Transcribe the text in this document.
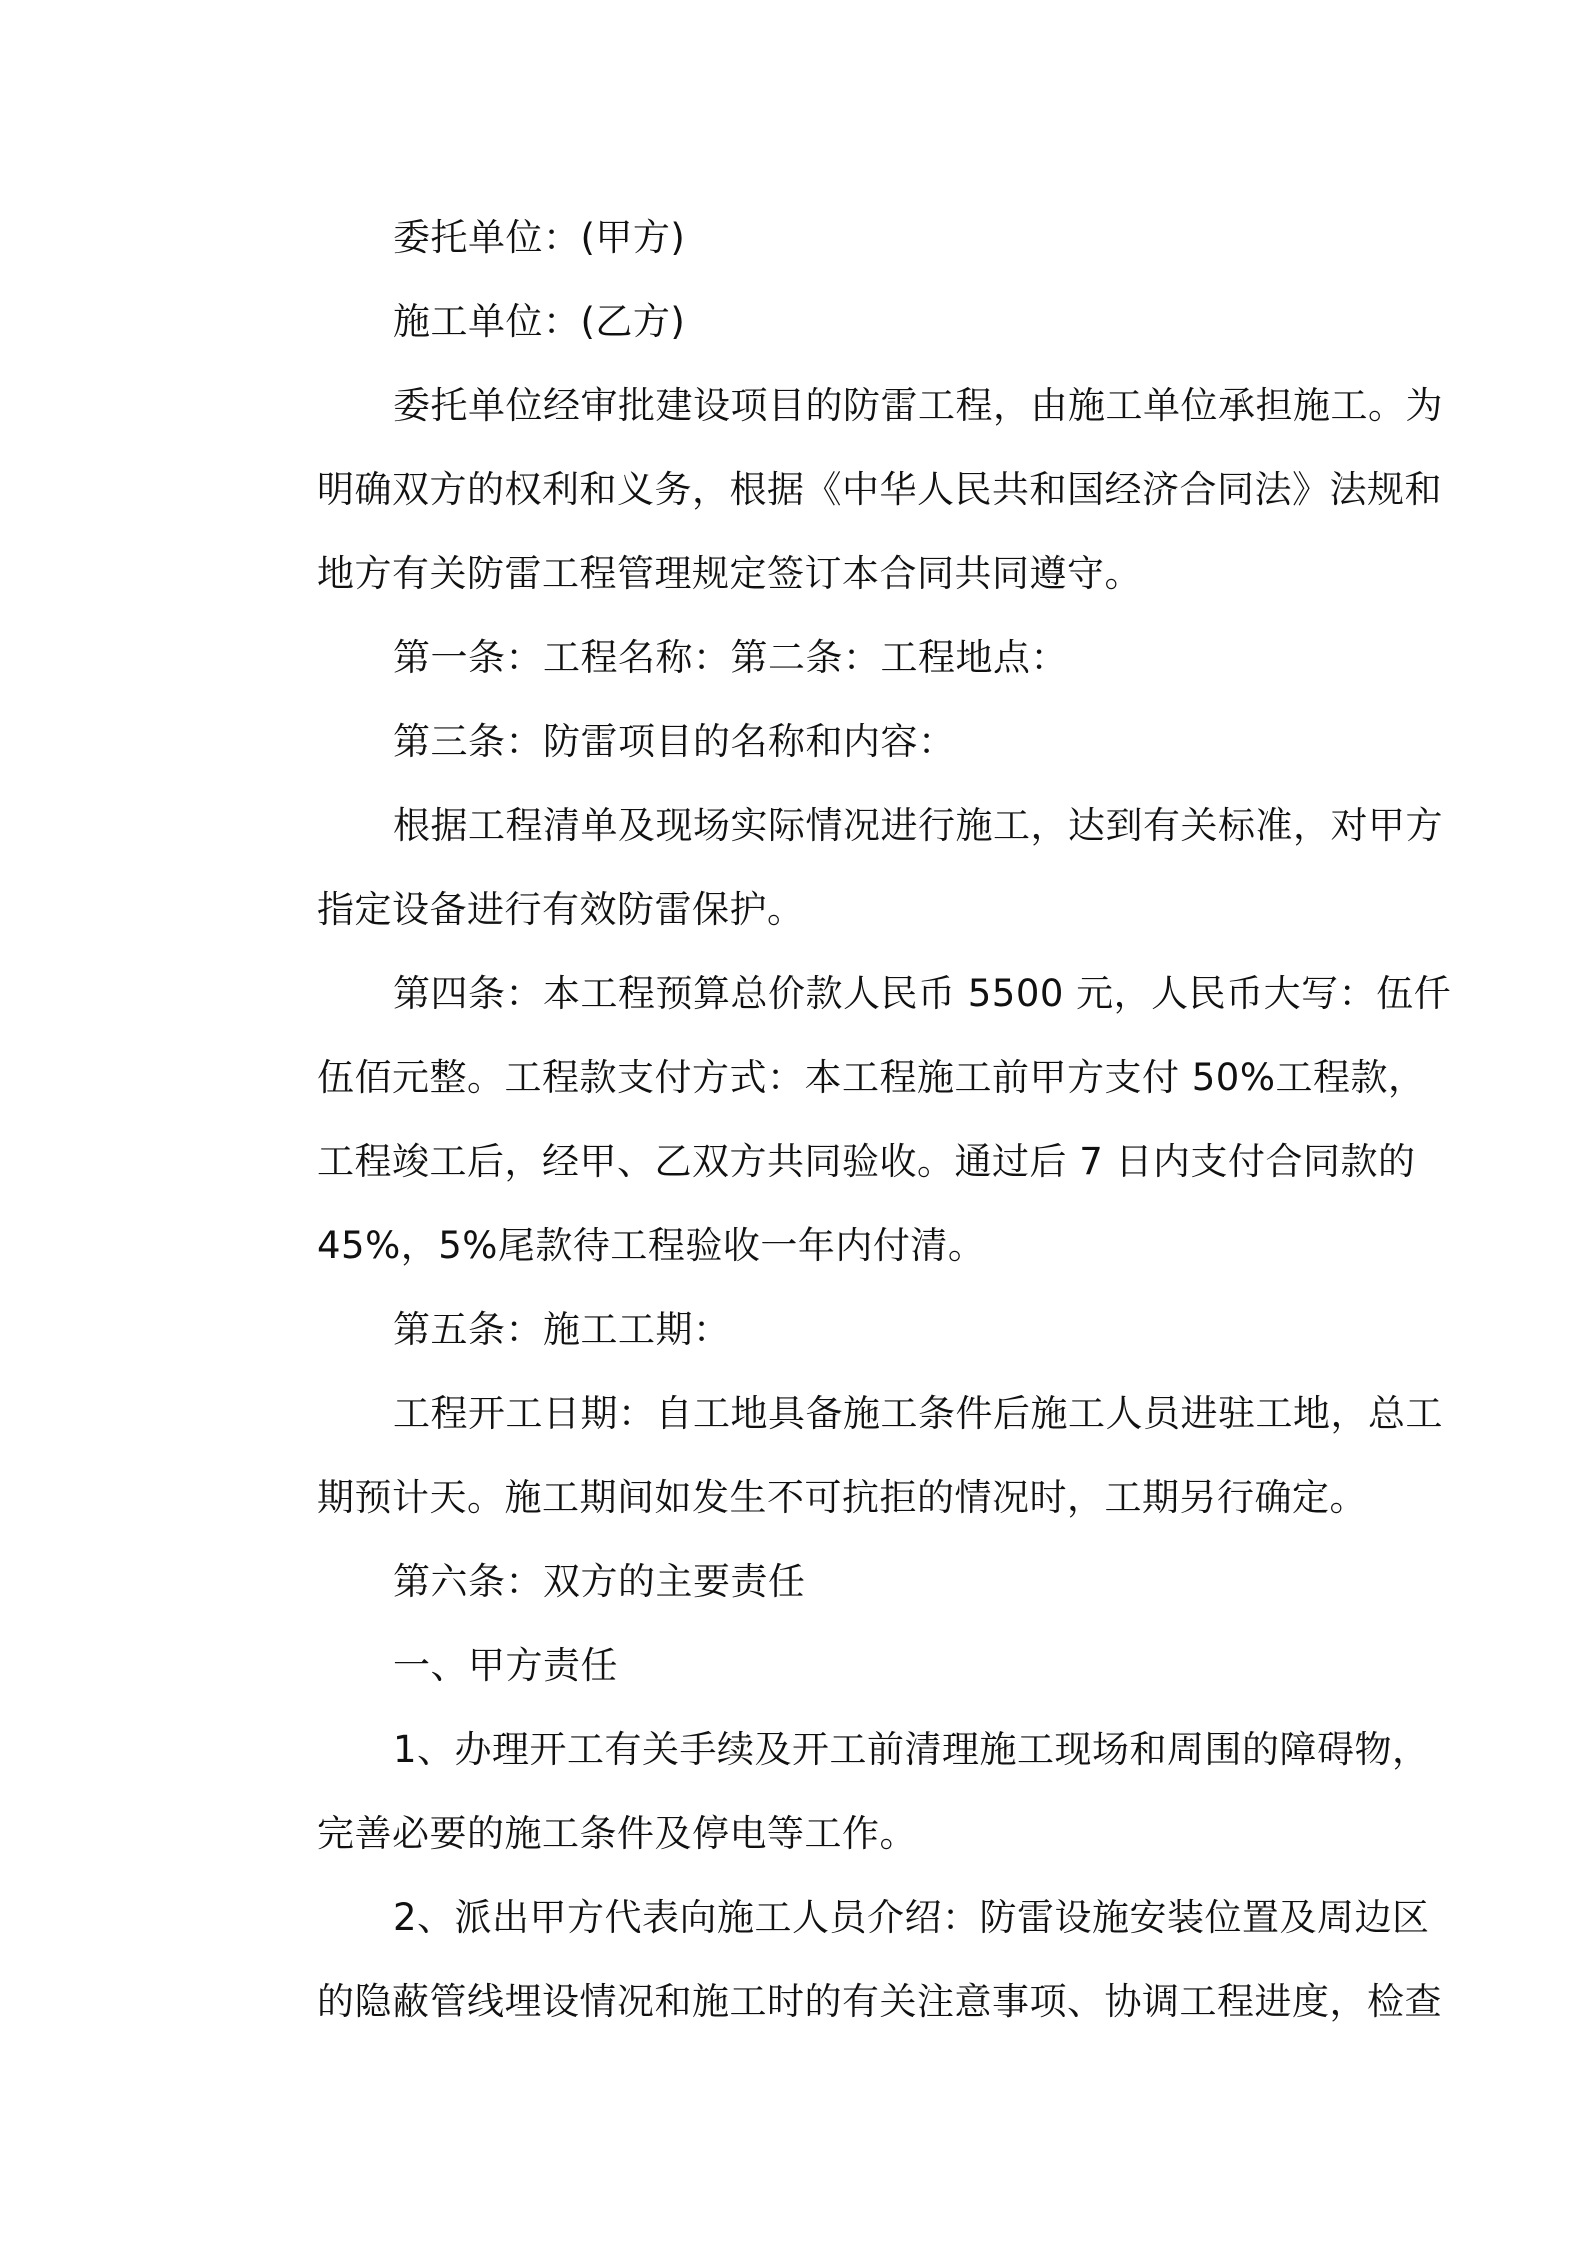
委托单位：(甲方)
施工单位：(乙方)
委托单位经审批建设项目的防雷工程，由施工单位承担施工。为
明确双方的权利和义务，根据《中华人民共和国经济合同法》法规和
地方有关防雷工程管理规定签订本合同共同遵守。
第一条：工程名称：第二条：工程地点：
第三条：防雷项目的名称和内容：
根据工程清单及现场实际情况进行施工，达到有关标准，对甲方
指定设备进行有效防雷保护。
第四条：本工程预算总价款人民币 5500 元，人民币大写：伍仟
伍佰元整。工程款支付方式：本工程施工前甲方支付 50%工程款，
工程竣工后，经甲、乙双方共同验收。通过后 7 日内支付合同款的
45%，5%尾款待工程验收一年内付清。
第五条：施工工期：
工程开工日期：自工地具备施工条件后施工人员进驻工地，总工
期预计天。施工期间如发生不可抗拒的情况时，工期另行确定。
第六条：双方的主要责任
一、甲方责任
1、办理开工有关手续及开工前清理施工现场和周围的障碍物，
完善必要的施工条件及停电等工作。
2、派出甲方代表向施工人员介绍：防雷设施安装位置及周边区
的隐蔽管线埋设情况和施工时的有关注意事项、协调工程进度，检查
